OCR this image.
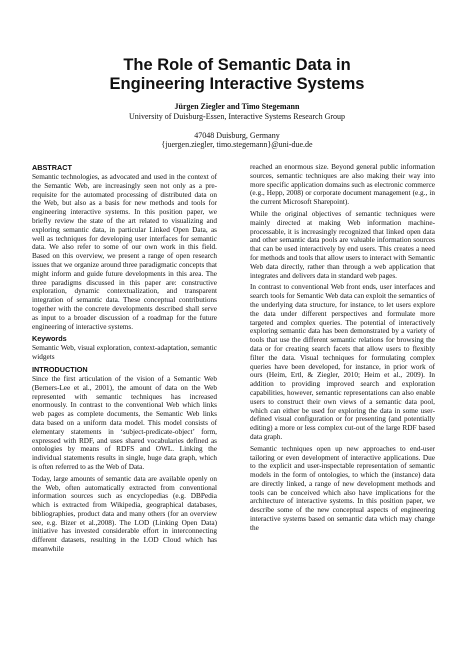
The Role of Semantic Data in
Engineering Interactive Systems
Jürgen Ziegler and Timo Stegemann
University of Duisburg-Essen, Interactive Systems Research Group
47048 Duisburg, Germany
{juergen.ziegler, timo.stegemann}@uni-due.de
ABSTRACT

Semantic technologies, as advocated and used in the context of the Semantic Web, are increasingly seen not only as a pre-requisite for the automated processing of distributed data on the Web, but also as a basis for new methods and tools for engineering interactive systems. In this position paper, we briefly review the state of the art related to visualizing and exploring semantic data, in particular Linked Open Data, as well as techniques for developing user interfaces for semantic data. We also refer to some of our own work in this field. Based on this overview, we present a range of open research issues that we organize around three paradigmatic concepts that might inform and guide future developments in this area. The three paradigms discussed in this paper are: constructive exploration, dynamic contextualization, and transparent integration of semantic data. These conceptual contributions together with the concrete developments described shall serve as input to a broader discussion of a roadmap for the future engineering of interactive systems.

Keywords

Semantic Web, visual exploration, context-adaptation, semantic widgets

INTRODUCTION

Since the first articulation of the vision of a Semantic Web (Berners-Lee et al., 2001), the amount of data on the Web represented with semantic techniques has increased enormously. In contrast to the conventional Web which links web pages as complete documents, the Semantic Web links data based on a uniform data model. This model consists of elementary statements in ‘subject-predicate-object’ form, expressed with RDF, and uses shared vocabularies defined as ontologies by means of RDFS and OWL. Linking the individual statements results in single, huge data graph, which is often referred to as the Web of Data.

Today, large amounts of semantic data are available openly on the Web, often automatically extracted from conventional information sources such as encyclopedias (e.g. DBPedia which is extracted from Wikipedia, geographical databases, bibliographies, product data and many others (for an overview see, e.g. Bizer et al.,2008). The LOD (Linking Open Data) initiative has invested considerable effort in interconnecting different datasets, resulting in the LOD Cloud which has meanwhile

reached an enormous size. Beyond general public information sources, semantic techniques are also making their way into more specific application domains such as electronic commerce (e.g., Hepp, 2008) or corporate document management (e.g., in the current Microsoft Sharepoint).

While the original objectives of semantic techniques were mainly directed at making Web information machine-processable, it is increasingly recognized that linked open data and other semantic data pools are valuable information sources that can be used interactively by end users. This creates a need for methods and tools that allow users to interact with Semantic Web data directly, rather than through a web application that integrates and delivers data in standard web pages.

In contrast to conventional Web front ends, user interfaces and search tools for Semantic Web data can exploit the semantics of the underlying data structure, for instance, to let users explore the data under different perspectives and formulate more targeted and complex queries. The potential of interactively exploring semantic data has been demonstrated by a variety of tools that use the different semantic relations for browsing the data or for creating search facets that allow users to flexibly filter the data. Visual techniques for formulating complex queries have been developed, for instance, in prior work of ours (Heim, Ertl, & Ziegler, 2010; Heim et al., 2009). In addition to providing improved search and exploration capabilities, however, semantic representations can also enable users to construct their own views of a semantic data pool, which can either be used for exploring the data in some user-defined visual configuration or for presenting (and potentially editing) a more or less complex cut-out of the large RDF based data graph.

Semantic techniques open up new approaches to end-user tailoring or even development of interactive applications. Due to the explicit and user-inspectable representation of semantic models in the form of ontologies, to which the (instance) data are directly linked, a range of new development methods and tools can be conceived which also have implications for the architecture of interactive systems. In this position paper, we describe some of the new conceptual aspects of engineering interactive systems based on semantic data which may change the
